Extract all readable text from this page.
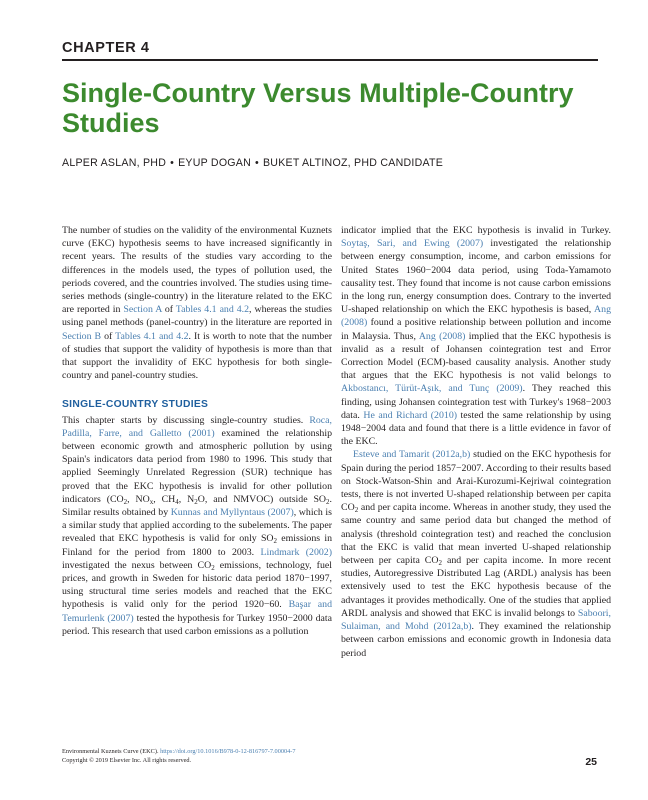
CHAPTER 4
Single-Country Versus Multiple-Country Studies
ALPER ASLAN, PHD • EYUP DOGAN • BUKET ALTINOZ, PHD CANDIDATE

The number of studies on the validity of the environmental Kuznets curve (EKC) hypothesis seems to have increased significantly in recent years. The results of the studies vary according to the differences in the models used, the types of pollution used, the periods covered, and the countries involved. The studies using time-series methods (single-country) in the literature related to the EKC are reported in Section A of Tables 4.1 and 4.2, whereas the studies using panel methods (panel-country) in the literature are reported in Section B of Tables 4.1 and 4.2. It is worth to note that the number of studies that support the validity of hypothesis is more than that that support the invalidity of EKC hypothesis for both single-country and panel-country studies.

SINGLE-COUNTRY STUDIES

This chapter starts by discussing single-country studies. Roca, Padilla, Farre, and Galletto (2001) examined the relationship between economic growth and atmospheric pollution by using Spain's indicators data period from 1980 to 1996. This study that applied Seemingly Unrelated Regression (SUR) technique has proved that the EKC hypothesis is invalid for other pollution indicators ($CO_2$, $NO_x$, $CH_4$, $N_2O$, and NMVOC) outside $SO_2$. Similar results obtained by Kunnas and Myllyntaus (2007), which is a similar study that applied according to the subelements. The paper revealed that EKC hypothesis is valid for only $SO_2$ emissions in Finland for the period from 1800 to 2003. Lindmark (2002) investigated the nexus between $CO_2$ emissions, technology, fuel prices, and growth in Sweden for historic data period 1870−1997, using structural time series models and reached that the EKC hypothesis is valid only for the period 1920−60. Başar and Temurlenk (2007) tested the hypothesis for Turkey 1950−2000 data period. This research that used carbon emissions as a pollution

indicator implied that the EKC hypothesis is invalid in Turkey. Soytaş, Sari, and Ewing (2007) investigated the relationship between energy consumption, income, and carbon emissions for United States 1960−2004 data period, using Toda-Yamamoto causality test. They found that income is not cause carbon emissions in the long run, energy consumption does. Contrary to the inverted U-shaped relationship on which the EKC hypothesis is based, Ang (2008) found a positive relationship between pollution and income in Malaysia. Thus, Ang (2008) implied that the EKC hypothesis is invalid as a result of Johansen cointegration test and Error Correction Model (ECM)-based causality analysis. Another study that argues that the EKC hypothesis is not valid belongs to Akbostancı, Türüt-Aşık, and Tunç (2009). They reached this finding, using Johansen cointegration test with Turkey's 1968−2003 data. He and Richard (2010) tested the same relationship by using 1948−2004 data and found that there is a little evidence in favor of the EKC.

Esteve and Tamarit (2012a,b) studied on the EKC hypothesis for Spain during the period 1857−2007. According to their results based on Stock-Watson-Shin and Arai-Kurozumi-Kejriwal cointegration tests, there is not inverted U-shaped relationship between per capita $CO_2$ and per capita income. Whereas in another study, they used the same country and same period data but changed the method of analysis (threshold cointegration test) and reached the conclusion that the EKC is valid that mean inverted U-shaped relationship between per capita $CO_2$ and per capita income. In more recent studies, Autoregressive Distributed Lag (ARDL) analysis has been extensively used to test the EKC hypothesis because of the advantages it provides methodically. One of the studies that applied ARDL analysis and showed that EKC is invalid belongs to Saboori, Sulaiman, and Mohd (2012a,b). They examined the relationship between carbon emissions and economic growth in Indonesia data period

Environmental Kuznets Curve (EKC). https://doi.org/10.1016/B978-0-12-816797-7.00004-7
Copyright © 2019 Elsevier Inc. All rights reserved.	25
